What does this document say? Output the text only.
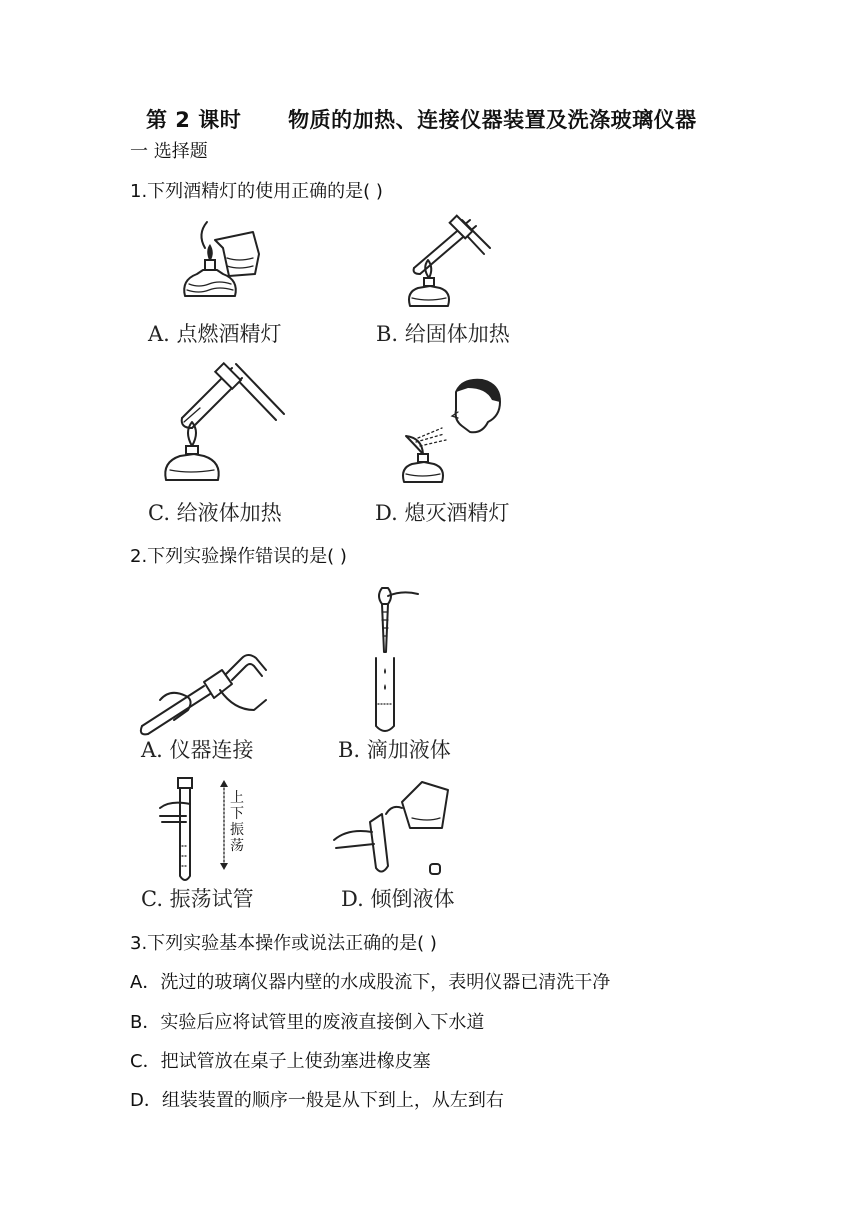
第 2 课时      物质的加热、连接仪器装置及洗涤玻璃仪器
一 选择题
1.下列酒精灯的使用正确的是( )
A. 点燃酒精灯	B. 给固体加热
C. 给液体加热	D. 熄灭酒精灯
2.下列实验操作错误的是( )
A. 仪器连接	B. 滴加液体
上
下
振
荡
C. 振荡试管	D. 倾倒液体
3.下列实验基本操作或说法正确的是( )
A．洗过的玻璃仪器内壁的水成股流下，表明仪器已清洗干净
B．实验后应将试管里的废液直接倒入下水道
C．把试管放在桌子上使劲塞进橡皮塞
D．组装装置的顺序一般是从下到上，从左到右
